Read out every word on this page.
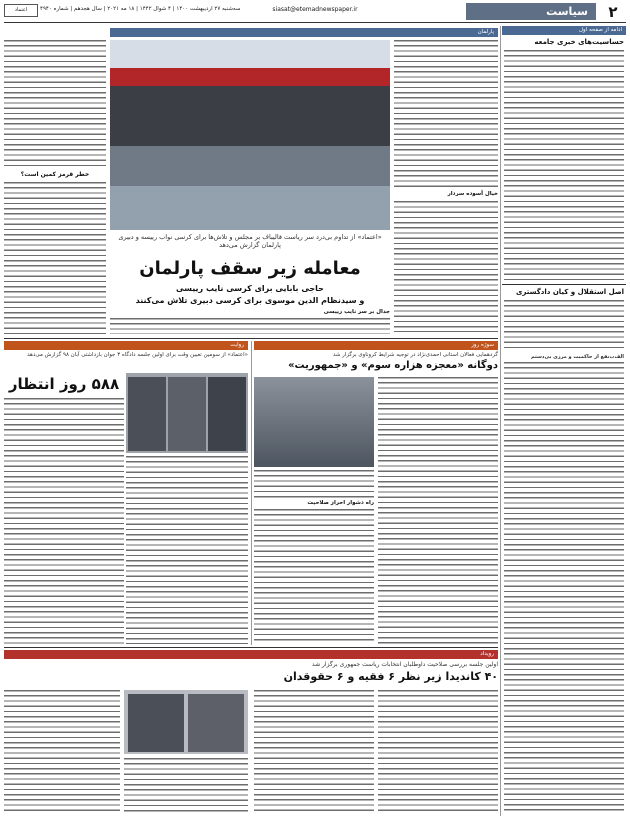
۲
سیاست
siasat@etemadnewspaper.ir
سه‌شنبه ۲۷ اردیبهشت ۱۴۰۰ | ۴ شوال ۱۴۴۲ | ۱۸ مه ۲۰۲۱ | سال هجدهم | شماره ۴۹۴۰
اعتماد
ادامه از صفحه اول
حساسیت‌های خبری جامعه
اصل استقلال و کیان دادگستری
الف‌ب‌نفع از حاکمیت و مرزی بی‌دستم
پارلمان
خیال آسوده سردار
«اعتماد» از تداوم بی‌درد سر ریاست قالیباف بر مجلس و تلاش‌ها برای کرسی نواب رییسه و دبیری پارلمان گزارش می‌دهد
معامله زیر سقف پارلمان
حاجی بابایی برای کرسی نایب رییسی
و سیدنظام الدین موسوی برای کرسی دبیری تلاش می‌کنند
جدال بر سر نایب رییسی
خطر قرمز کمین است؟
روایت
«اعتماد» از سومین تعیین وقت برای اولین جلسه دادگاه ۳ جوان بازداشتی آبان ۹۸ گزارش می‌دهد
۵۸۸ روز انتظار
سوژه روز
گردهمایی فعالان استانی احمدی‌نژاد در توجیه شرایط کروناوی برگزار شد
دوگانه «معجزه هزاره سوم» و «جمهوریت»
راه دشوار احراز صلاحیت
رویداد
اولین جلسه بررسی صلاحیت داوطلبان انتخابات ریاست جمهوری برگزار شد
۴۰ کاندیدا زیر نظر ۶ فقیه و ۶ حقوقدان
